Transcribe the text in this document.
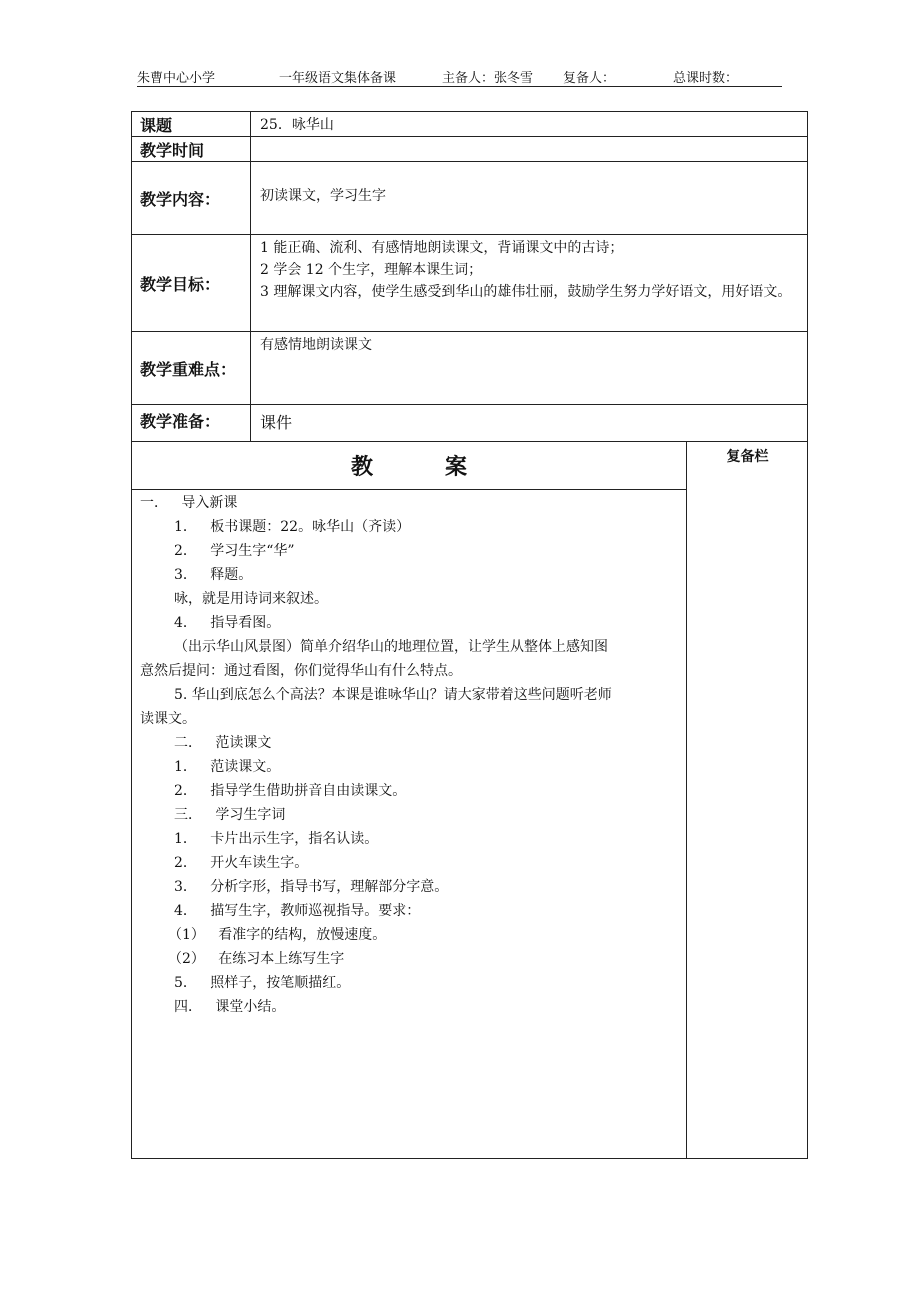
朱曹中心小学	一年级语文集体备课	主备人：张冬雪 复备人：	总课时数：
课题	25．咏华山
教学时间
教学内容：	初读课文，学习生字
教学目标：
1 能正确、流利、有感情地朗读课文，背诵课文中的古诗；
2 学会 12 个生字，理解本课生词；
3 理解课文内容，使学生感受到华山的雄伟壮丽，鼓励学生努力学好语文，用好语文。
教学重难点：
有感情地朗读课文
教学准备：	课件
教	案
一．   导入新课
1．   板书课题：22。咏华山（齐读）
2．   学习生字“华”
3．   释题。
咏，就是用诗词来叙述。
4．   指导看图。
（出示华山风景图）简单介绍华山的地理位置，让学生从整体上感知图
意然后提问：通过看图，你们觉得华山有什么特点。
5. 华山到底怎么个高法？本课是谁咏华山？请大家带着这些问题听老师
读课文。
二．   范读课文
1．   范读课文。
2．   指导学生借助拼音自由读课文。
三．   学习生字词
1．   卡片出示生字，指名认读。
2．   开火车读生字。
3．   分析字形，指导书写，理解部分字意。
4．   描写生字，教师巡视指导。要求：
（1）   看准字的结构，放慢速度。
（2）   在练习本上练写生字
5．   照样子，按笔顺描红。
四．   课堂小结。
复备栏
